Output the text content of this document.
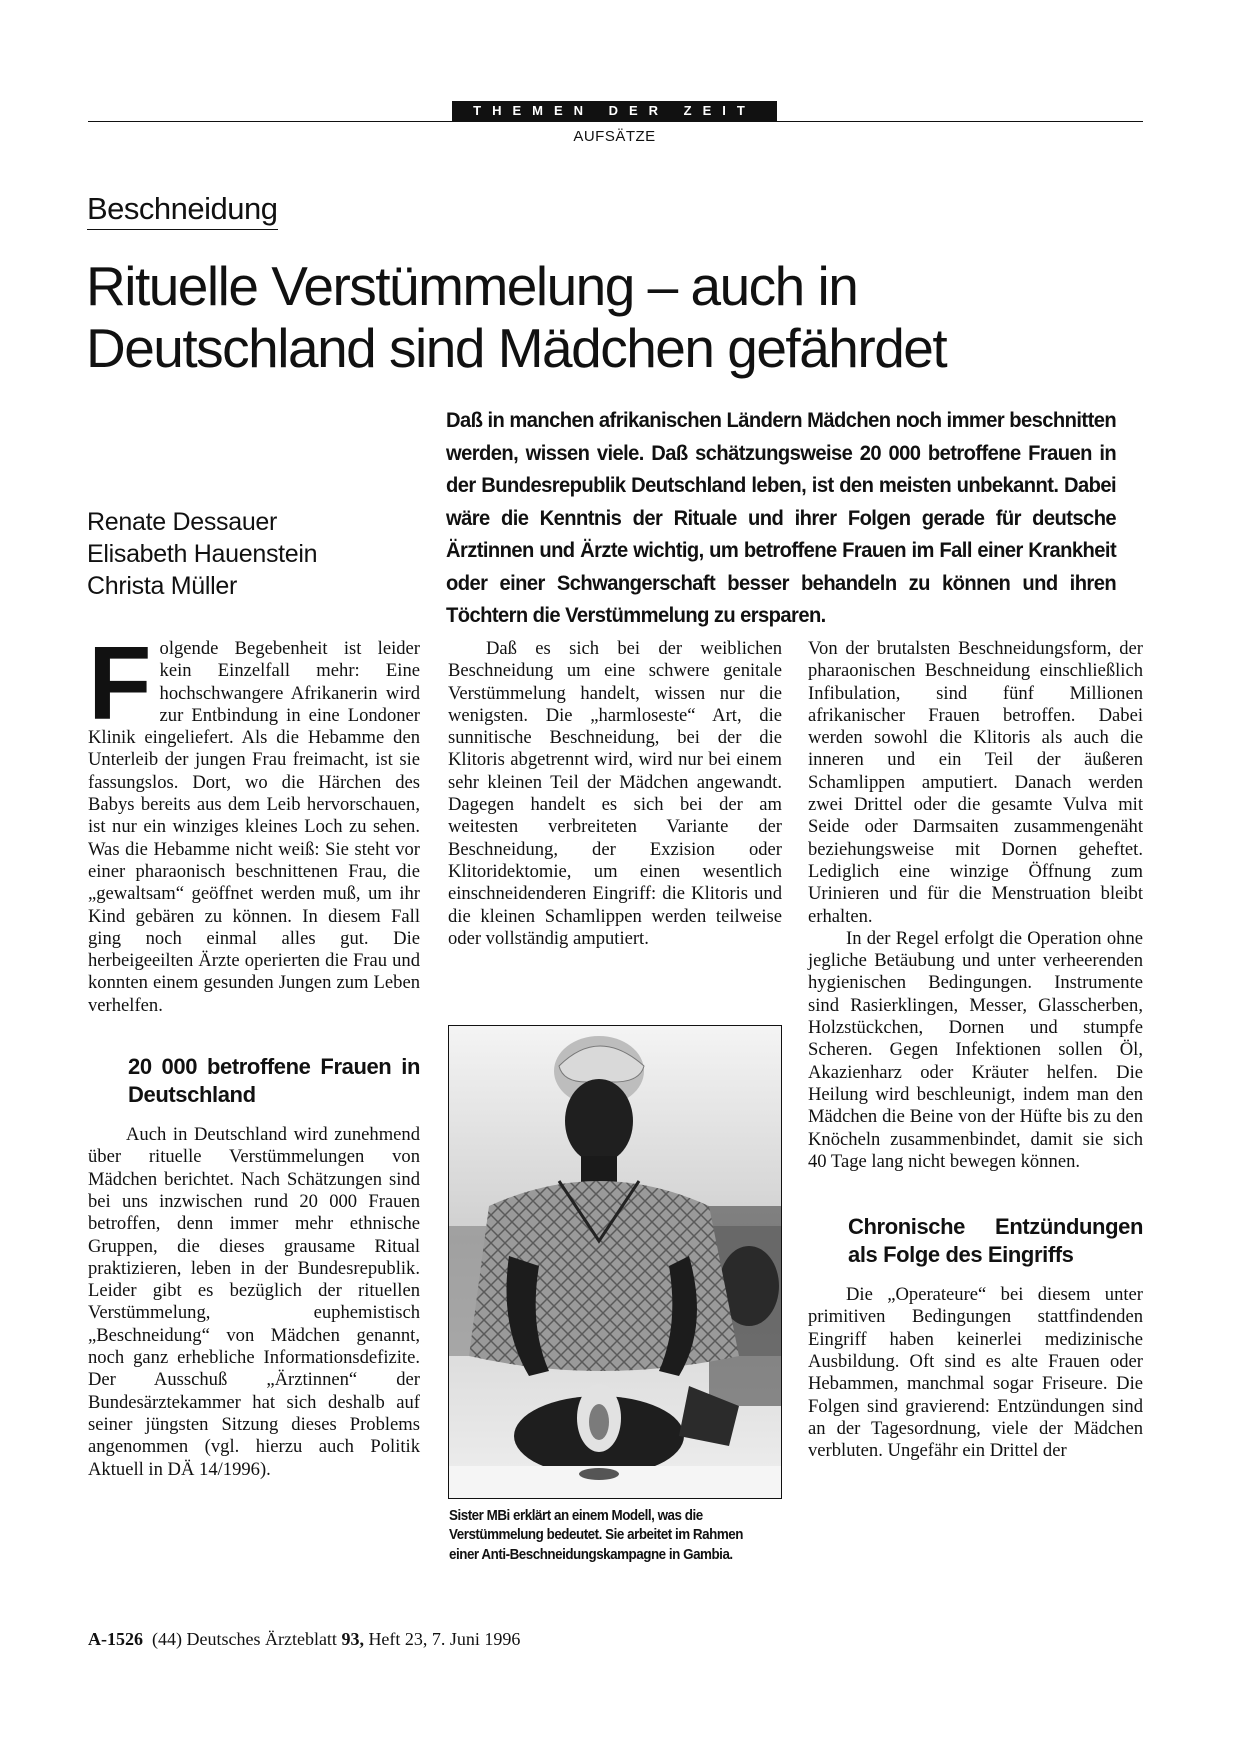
THEMEN DER ZEIT
AUFSÄTZE
Beschneidung
Rituelle Verstümmelung – auch in
Deutschland sind Mädchen gefährdet
Renate Dessauer
Elisabeth Hauenstein
Christa Müller

Daß in manchen afrikanischen Ländern Mädchen noch immer beschnitten werden, wissen viele. Daß schätzungsweise 20 000 betroffene Frauen in der Bundesrepublik Deutschland leben, ist den meisten unbekannt. Dabei wäre die Kenntnis der Rituale und ihrer Folgen gerade für deutsche Ärztinnen und Ärzte wichtig, um betroffene Frauen im Fall einer Krankheit oder einer Schwangerschaft besser behandeln zu können und ihren Töchtern die Verstümmelung zu ersparen.

Folgende Begebenheit ist leider kein Einzelfall mehr: Eine hochschwangere Afrikanerin wird zur Entbindung in eine Londoner Klinik eingeliefert. Als die Hebamme den Unterleib der jungen Frau freimacht, ist sie fassungslos. Dort, wo die Härchen des Babys bereits aus dem Leib hervorschauen, ist nur ein winziges kleines Loch zu sehen. Was die Hebamme nicht weiß: Sie steht vor einer pharaonisch beschnittenen Frau, die „gewaltsam“ geöffnet werden muß, um ihr Kind gebären zu können. In diesem Fall ging noch einmal alles gut. Die herbeigeeilten Ärzte operierten die Frau und konnten einem gesunden Jungen zum Leben verhelfen.

20 000 betroffene Frauen in Deutschland

Auch in Deutschland wird zunehmend über rituelle Verstümmelungen von Mädchen berichtet. Nach Schätzungen sind bei uns inzwischen rund 20 000 Frauen betroffen, denn immer mehr ethnische Gruppen, die dieses grausame Ritual praktizieren, leben in der Bundesrepublik. Leider gibt es bezüglich der rituellen Verstümmelung, euphemistisch „Beschneidung“ von Mädchen genannt, noch ganz erhebliche Informationsdefizite. Der Ausschuß „Ärztinnen“ der Bundesärztekammer hat sich deshalb auf seiner jüngsten Sitzung dieses Problems angenommen (vgl. hierzu auch Politik Aktuell in DÄ 14/1996).

Daß es sich bei der weiblichen Beschneidung um eine schwere genitale Verstümmelung handelt, wissen nur die wenigsten. Die „harmloseste“ Art, die sunnitische Beschneidung, bei der die Klitoris abgetrennt wird, wird nur bei einem sehr kleinen Teil der Mädchen angewandt. Dagegen handelt es sich bei der am weitesten verbreiteten Variante der Beschneidung, der Exzision oder Klitoridektomie, um einen wesentlich einschneidenderen Eingriff: die Klitoris und die kleinen Schamlippen werden teilweise oder vollständig amputiert.

Sister MBi erklärt an einem Modell, was die Verstümmelung bedeutet. Sie arbeitet im Rahmen einer Anti-Beschneidungskampagne in Gambia.

Von der brutalsten Beschneidungsform, der pharaonischen Beschneidung einschließlich Infibulation, sind fünf Millionen afrikanischer Frauen betroffen. Dabei werden sowohl die Klitoris als auch die inneren und ein Teil der äußeren Schamlippen amputiert. Danach werden zwei Drittel oder die gesamte Vulva mit Seide oder Darmsaiten zusammengenäht beziehungsweise mit Dornen geheftet. Lediglich eine winzige Öffnung zum Urinieren und für die Menstruation bleibt erhalten.

In der Regel erfolgt die Operation ohne jegliche Betäubung und unter verheerenden hygienischen Bedingungen. Instrumente sind Rasierklingen, Messer, Glasscherben, Holzstückchen, Dornen und stumpfe Scheren. Gegen Infektionen sollen Öl, Akazienharz oder Kräuter helfen. Die Heilung wird beschleunigt, indem man den Mädchen die Beine von der Hüfte bis zu den Knöcheln zusammenbindet, damit sie sich 40 Tage lang nicht bewegen können.

Chronische Entzündungen als Folge des Eingriffs

Die „Operateure“ bei diesem unter primitiven Bedingungen stattfindenden Eingriff haben keinerlei medizinische Ausbildung. Oft sind es alte Frauen oder Hebammen, manchmal sogar Friseure. Die Folgen sind gravierend: Entzündungen sind an der Tagesordnung, viele der Mädchen verbluten. Ungefähr ein Drittel der

A-1526 (44) Deutsches Ärzteblatt 93, Heft 23, 7. Juni 1996
